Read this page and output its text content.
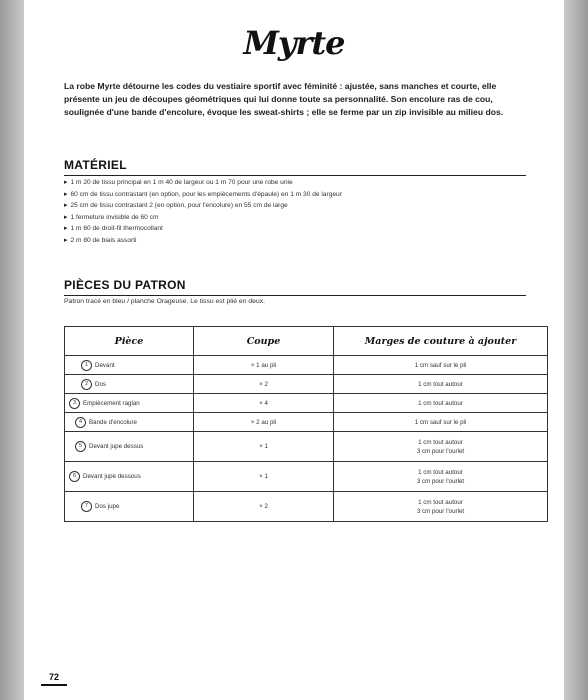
Myrte

La robe Myrte détourne les codes du vestiaire sportif avec féminité : ajustée, sans manches et courte, elle présente un jeu de découpes géométriques qui lui donne toute sa personnalité. Son encolure ras de cou, soulignée d'une bande d'encolure, évoque les sweat-shirts ; elle se ferme par un zip invisible au milieu dos.

MATÉRIEL
▸ 1 m 20 de tissu principal en 1 m 40 de largeur ou 1 m 70 pour une robe unie
▸ 60 cm de tissu contrastant (en option, pour les empiècements d'épaule) en 1 m 30 de largeur
▸ 25 cm de tissu contrastant 2 (en option, pour l'encolure) en 55 cm de large
▸ 1 fermeture invisible de 60 cm
▸ 1 m 60 de droit-fil thermocollant
▸ 2 m 80 de biais assorti
PIÈCES DU PATRON

Patron tracé en bleu / planche Orageuse. Le tissu est plié en deux.

Pièce	Coupe	Marges de couture à ajouter
1 Devant	× 1 au pli	1 cm sauf sur le pli

2 Dos	× 2	1 cm tout autour

3 Empiècement raglan	× 4	1 cm tout autour

4 Bande d'encolure	× 2 au pli	1 cm sauf sur le pli

5 Devant jupe dessus	× 1	1 cm tout autour
3 cm pour l'ourlet

6 Devant jupe dessous	× 1	1 cm tout autour
3 cm pour l'ourlet

7 Dos jupe	× 2	1 cm tout autour
3 cm pour l'ourlet
72
